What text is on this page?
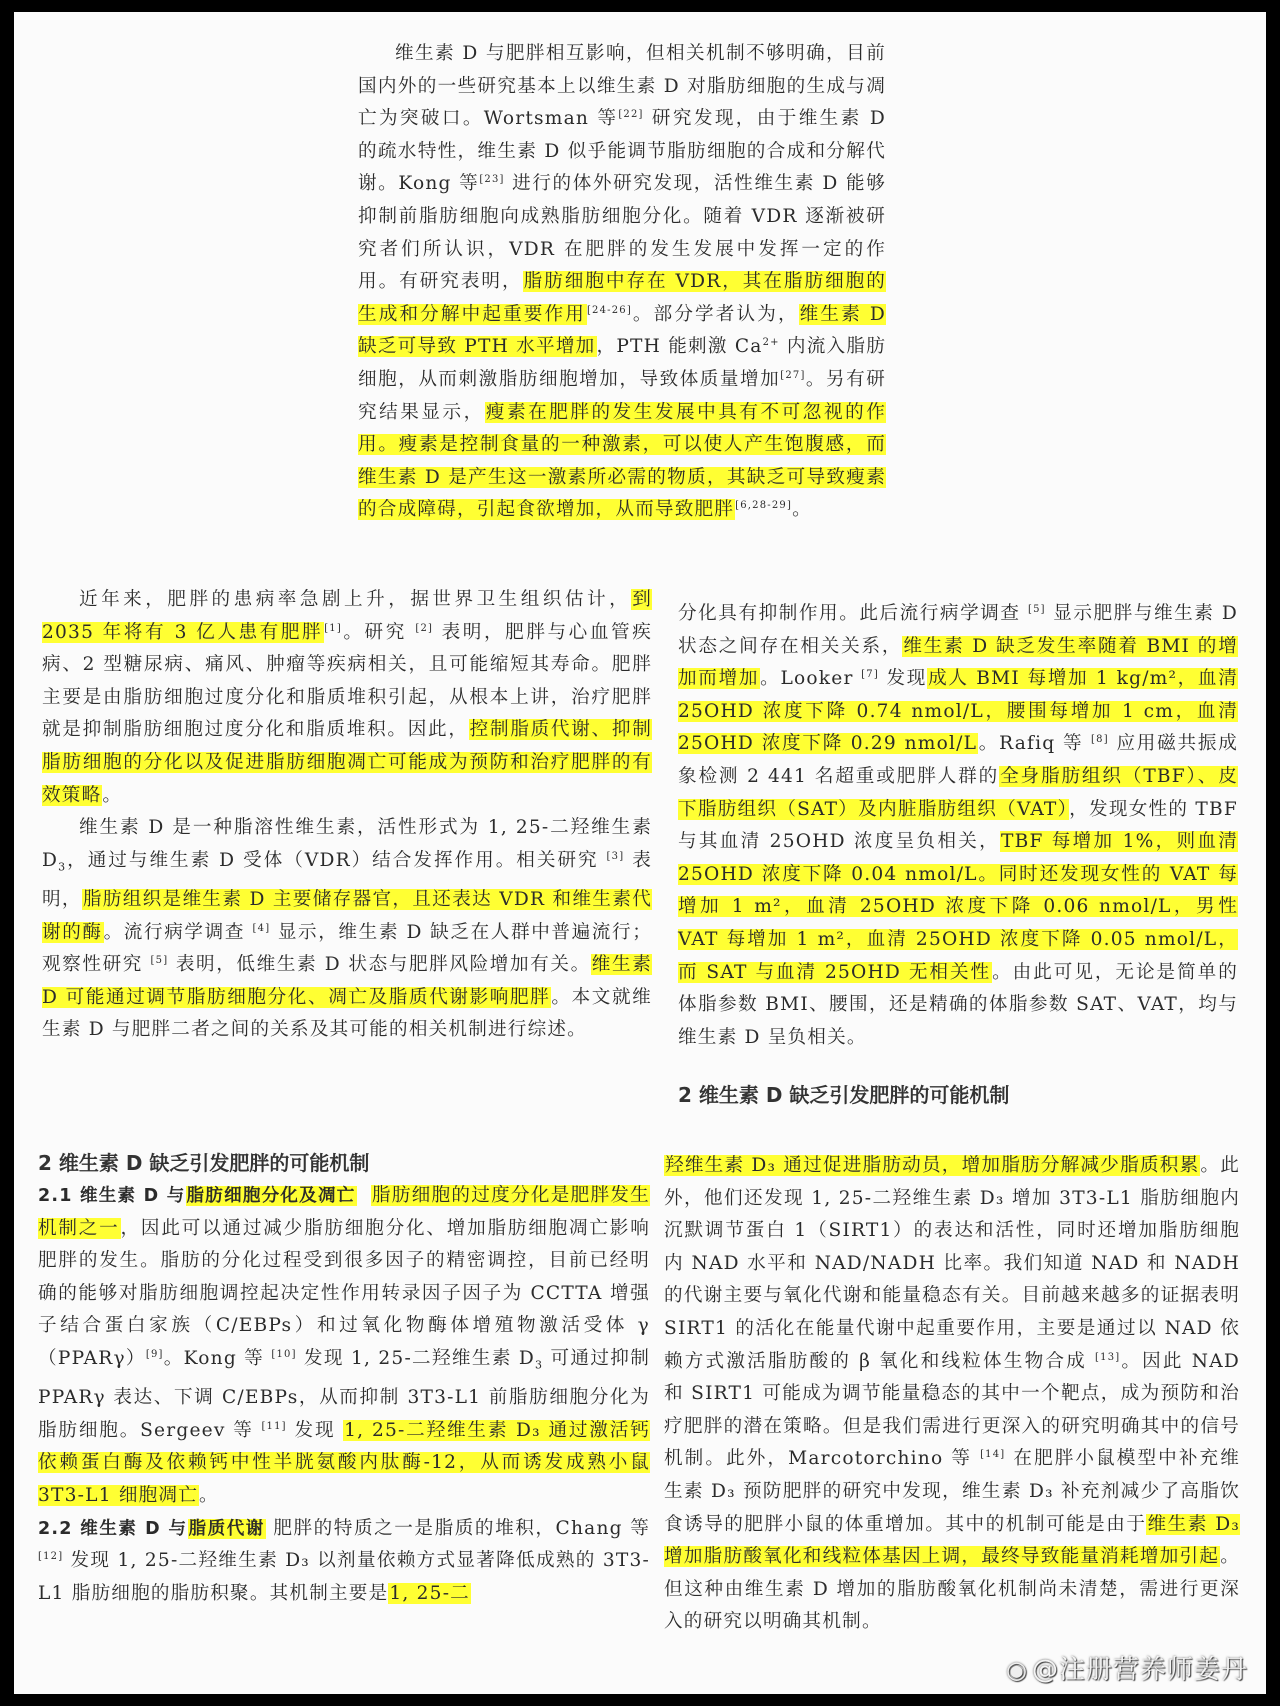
维生素 D 与肥胖相互影响，但相关机制不够明确，目前国内外的一些研究基本上以维生素 D 对脂肪细胞的生成与凋亡为突破口。Wortsman 等[22] 研究发现，由于维生素 D 的疏水特性，维生素 D 似乎能调节脂肪细胞的合成和分解代谢。Kong 等[23] 进行的体外研究发现，活性维生素 D 能够抑制前脂肪细胞向成熟脂肪细胞分化。随着 VDR 逐渐被研究者们所认识，VDR 在肥胖的发生发展中发挥一定的作用。有研究表明，脂肪细胞中存在 VDR，其在脂肪细胞的生成和分解中起重要作用[24-26]。部分学者认为，维生素 D 缺乏可导致 PTH 水平增加，PTH 能刺激 $Ca^{2+}$ 内流入脂肪细胞，从而刺激脂肪细胞增加，导致体质量增加[27]。另有研究结果显示，瘦素在肥胖的发生发展中具有不可忽视的作用。瘦素是控制食量的一种激素，可以使人产生饱腹感，而维生素 D 是产生这一激素所必需的物质，其缺乏可导致瘦素的合成障碍，引起食欲增加，从而导致肥胖[6,28-29]。

近年来，肥胖的患病率急剧上升，据世界卫生组织估计，到 2035 年将有 3 亿人患有肥胖[1]。研究 [2] 表明，肥胖与心血管疾病、2 型糖尿病、痛风、肿瘤等疾病相关，且可能缩短其寿命。肥胖主要是由脂肪细胞过度分化和脂质堆积引起，从根本上讲，治疗肥胖就是抑制脂肪细胞过度分化和脂质堆积。因此，控制脂质代谢、抑制脂肪细胞的分化以及促进脂肪细胞凋亡可能成为预防和治疗肥胖的有效策略。

维生素 D 是一种脂溶性维生素，活性形式为 1, 25-二羟维生素 $D_3$，通过与维生素 D 受体（VDR）结合发挥作用。相关研究 [3] 表明，脂肪组织是维生素 D 主要储存器官，且还表达 VDR 和维生素代谢的酶。流行病学调查 [4] 显示，维生素 D 缺乏在人群中普遍流行；观察性研究 [5] 表明，低维生素 D 状态与肥胖风险增加有关。维生素 D 可能通过调节脂肪细胞分化、凋亡及脂质代谢影响肥胖。本文就维生素 D 与肥胖二者之间的关系及其可能的相关机制进行综述。

分化具有抑制作用。此后流行病学调查 [5] 显示肥胖与维生素 D 状态之间存在相关关系，维生素 D 缺乏发生率随着 BMI 的增加而增加。Looker [7] 发现成人 BMI 每增加 1 kg/m²，血清 25OHD 浓度下降 0.74 nmol/L，腰围每增加 1 cm，血清 25OHD 浓度下降 0.29 nmol/L。Rafiq 等 [8] 应用磁共振成象检测 2 441 名超重或肥胖人群的全身脂肪组织（TBF）、皮下脂肪组织（SAT）及内脏脂肪组织（VAT），发现女性的 TBF 与其血清 25OHD 浓度呈负相关，TBF 每增加 1%，则血清 25OHD 浓度下降 0.04 nmol/L。同时还发现女性的 VAT 每增加 1 m²，血清 25OHD 浓度下降 0.06 nmol/L，男性 VAT 每增加 1 m²，血清 25OHD 浓度下降 0.05 nmol/L，而 SAT 与血清 25OHD 无相关性。由此可见，无论是简单的体脂参数 BMI、腰围，还是精确的体脂参数 SAT、VAT，均与维生素 D 呈负相关。

2 维生素 D 缺乏引发肥胖的可能机制

2 维生素 D 缺乏引发肥胖的可能机制

2.1 维生素 D 与脂肪细胞分化及凋亡 脂肪细胞的过度分化是肥胖发生机制之一，因此可以通过减少脂肪细胞分化、增加脂肪细胞凋亡影响肥胖的发生。脂肪的分化过程受到很多因子的精密调控，目前已经明确的能够对脂肪细胞调控起决定性作用转录因子因子为 CCTTA 增强子结合蛋白家族（C/EBPs）和过氧化物酶体增殖物激活受体 γ（PPARγ）[9]。Kong 等 [10] 发现 1, 25-二羟维生素 $D_3$ 可通过抑制 PPARγ 表达、下调 C/EBPs，从而抑制 3T3-L1 前脂肪细胞分化为脂肪细胞。Sergeev 等 [11] 发现 1, 25-二羟维生素 D₃ 通过激活钙依赖蛋白酶及依赖钙中性半胱氨酸内肽酶-12，从而诱发成熟小鼠 3T3-L1 细胞凋亡。

2.2 维生素 D 与脂质代谢 肥胖的特质之一是脂质的堆积，Chang 等 [12] 发现 1, 25-二羟维生素 D₃ 以剂量依赖方式显著降低成熟的 3T3-L1 脂肪细胞的脂肪积聚。其机制主要是1, 25-二

羟维生素 D₃ 通过促进脂肪动员，增加脂肪分解减少脂质积累。此外，他们还发现 1, 25-二羟维生素 D₃ 增加 3T3-L1 脂肪细胞内沉默调节蛋白 1（SIRT1）的表达和活性，同时还增加脂肪细胞内 NAD 水平和 NAD/NADH 比率。我们知道 NAD 和 NADH 的代谢主要与氧化代谢和能量稳态有关。目前越来越多的证据表明 SIRT1 的活化在能量代谢中起重要作用，主要是通过以 NAD 依赖方式激活脂肪酸的 β 氧化和线粒体生物合成 [13]。因此 NAD 和 SIRT1 可能成为调节能量稳态的其中一个靶点，成为预防和治疗肥胖的潜在策略。但是我们需进行更深入的研究明确其中的信号机制。此外，Marcotorchino 等 [14] 在肥胖小鼠模型中补充维生素 D₃ 预防肥胖的研究中发现，维生素 D₃ 补充剂减少了高脂饮食诱导的肥胖小鼠的体重增加。其中的机制可能是由于维生素 D₃ 增加脂肪酸氧化和线粒体基因上调，最终导致能量消耗增加引起。但这种由维生素 D 增加的脂肪酸氧化机制尚未清楚，需进行更深入的研究以明确其机制。

◉ @注册营养师姜丹
